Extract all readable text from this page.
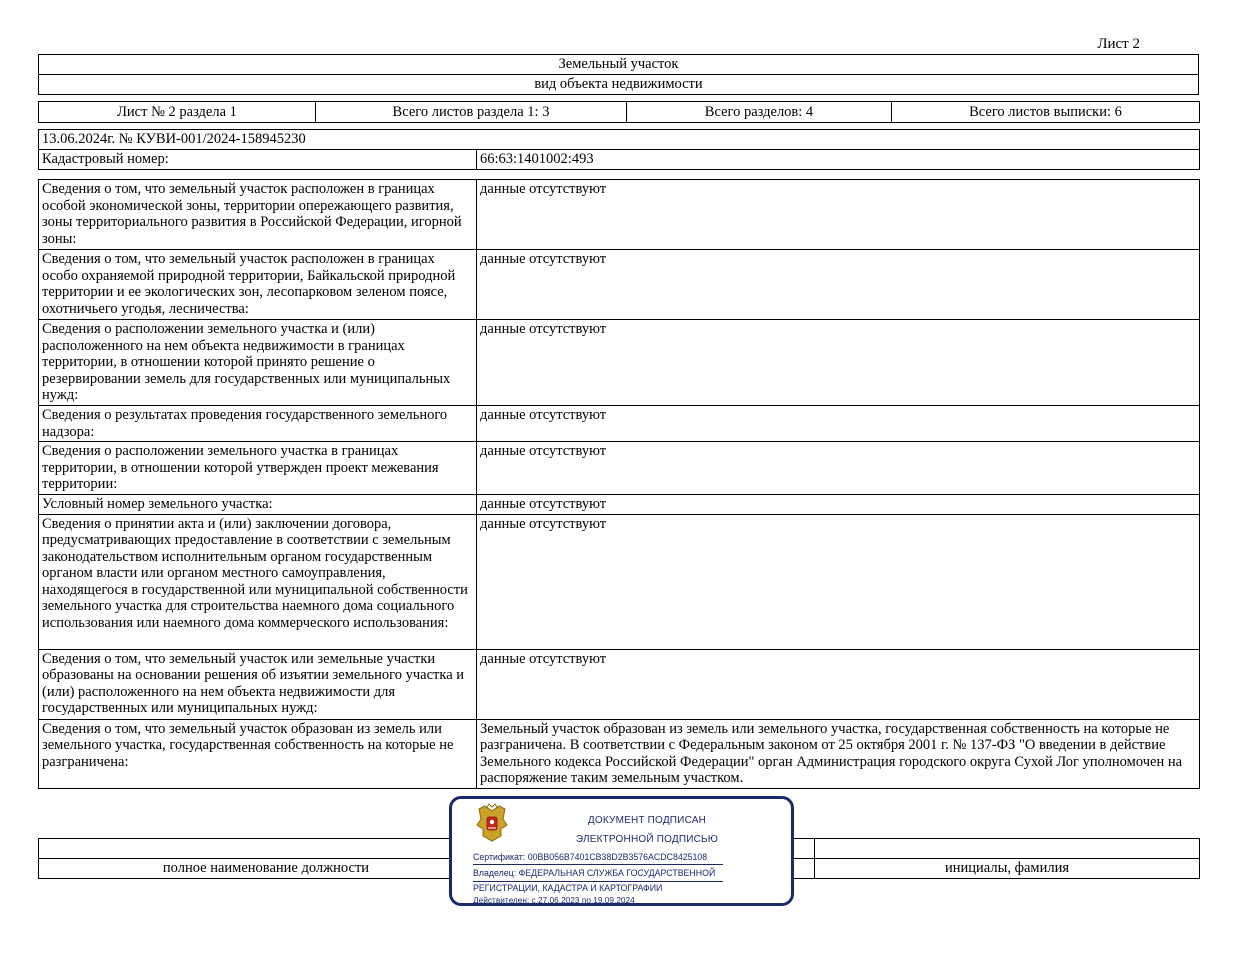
Лист 2
Земельный участок
вид объекта недвижимости
Лист № 2 раздела 1	Всего листов раздела 1: 3	Всего разделов: 4	Всего листов выписки: 6
13.06.2024г. № КУВИ-001/2024-158945230
Кадастровый номер:	66:63:1401002:493
Сведения о том, что земельный участок расположен в границах особой экономической зоны, территории опережающего развития, зоны территориального развития в Российской Федерации, игорной зоны:	данные отсутствуют
Сведения о том, что земельный участок расположен в границах особо охраняемой природной территории, Байкальской природной территории и ее экологических зон, лесопарковом зеленом поясе, охотничьего угодья, лесничества:	данные отсутствуют
Сведения о расположении земельного участка и (или) расположенного на нем объекта недвижимости в границах территории, в отношении которой принято решение о резервировании земель для государственных или муниципальных нужд:	данные отсутствуют
Сведения о результатах проведения государственного земельного надзора:	данные отсутствуют
Сведения о расположении земельного участка в границах территории, в отношении которой утвержден проект межевания территории:	данные отсутствуют
Условный номер земельного участка:	данные отсутствуют
Сведения о принятии акта и (или) заключении договора, предусматривающих предоставление в соответствии с земельным законодательством исполнительным органом государственным органом власти или органом местного самоуправления, находящегося в государственной или муниципальной собственности земельного участка для строительства наемного дома социального использования или наемного дома коммерческого использования:	данные отсутствуют
Сведения о том, что земельный участок или земельные участки образованы на основании решения об изъятии земельного участка и (или) расположенного на нем объекта недвижимости для государственных или муниципальных нужд:	данные отсутствуют
Сведения о том, что земельный участок образован из земель или земельного участка, государственная собственность на которые не разграничена:	Земельный участок образован из земель или земельного участка, государственная собственность на которые не разграничена. В соответствии с Федеральным законом от 25 октября 2001 г. № 137-ФЗ "О введении в действие Земельного кодекса Российской Федерации" орган Администрация городского округа Сухой Лог уполномочен на распоряжение таким земельным участком.

полное наименование должности		инициалы, фамилия
ДОКУМЕНТ ПОДПИСАН
ЭЛЕКТРОННОЙ ПОДПИСЬЮ
Сертификат: 00BB056B7401CB38D2B3576ACDC8425108
Владелец: ФЕДЕРАЛЬНАЯ СЛУЖБА ГОСУДАРСТВЕННОЙ
РЕГИСТРАЦИИ, КАДАСТРА И КАРТОГРАФИИ
Действителен: с 27.06.2023 по 19.09.2024
